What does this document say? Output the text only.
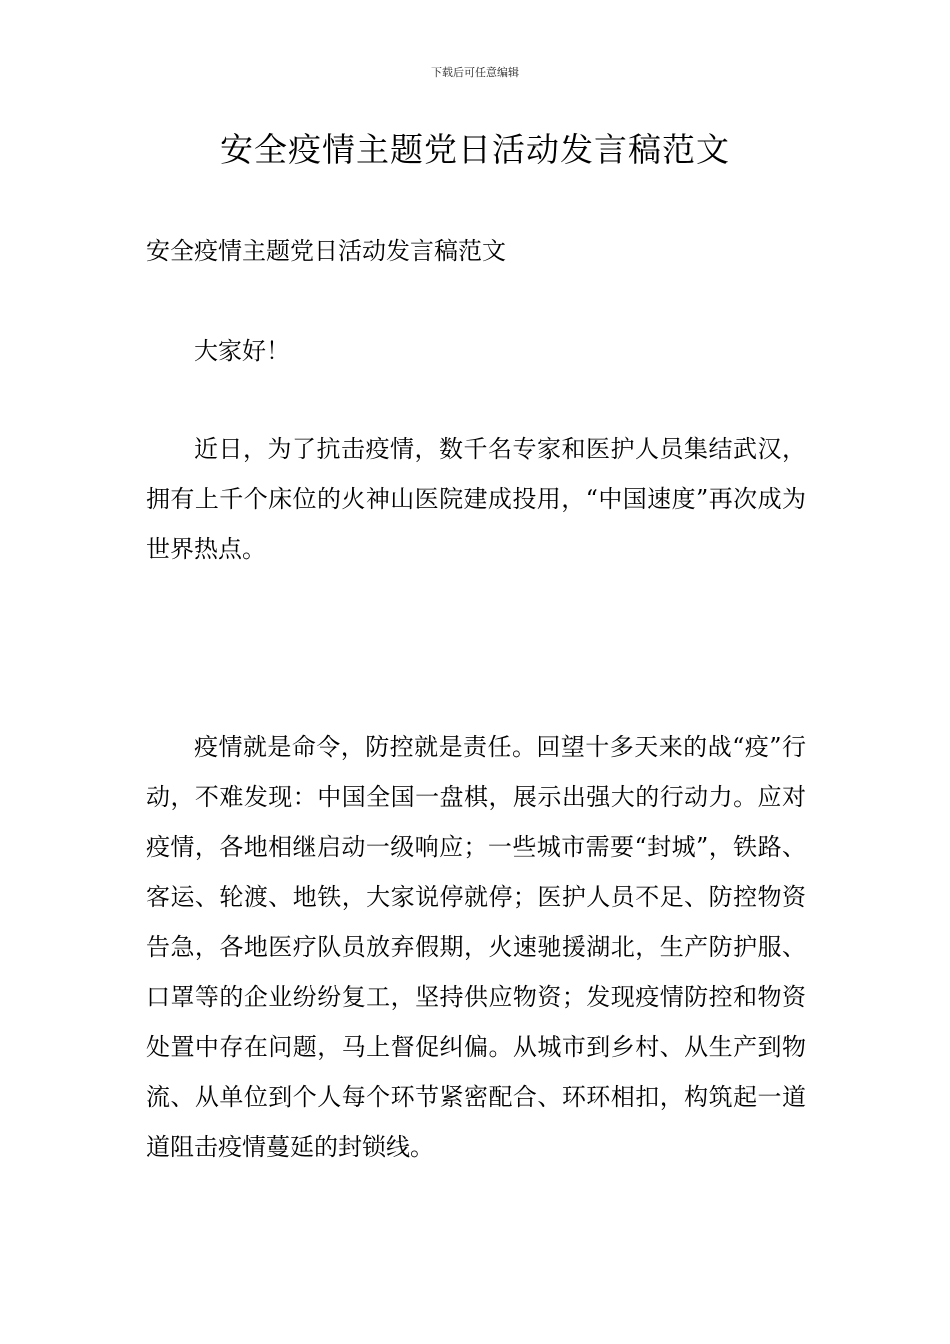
下载后可任意编辑
安全疫情主题党日活动发言稿范文

安全疫情主题党日活动发言稿范文

大家好！

近日，为了抗击疫情，数千名专家和医护人员集结武汉，拥有上千个床位的火神山医院建成投用，“中国速度”再次成为世界热点。

疫情就是命令，防控就是责任。回望十多天来的战“疫”行动，不难发现：中国全国一盘棋，展示出强大的行动力。应对疫情，各地相继启动一级响应；一些城市需要“封城”，铁路、客运、轮渡、地铁，大家说停就停；医护人员不足、防控物资告急，各地医疗队员放弃假期，火速驰援湖北，生产防护服、口罩等的企业纷纷复工，坚持供应物资；发现疫情防控和物资处置中存在问题，马上督促纠偏。从城市到乡村、从生产到物流、从单位到个人每个环节紧密配合、环环相扣，构筑起一道道阻击疫情蔓延的封锁线。
